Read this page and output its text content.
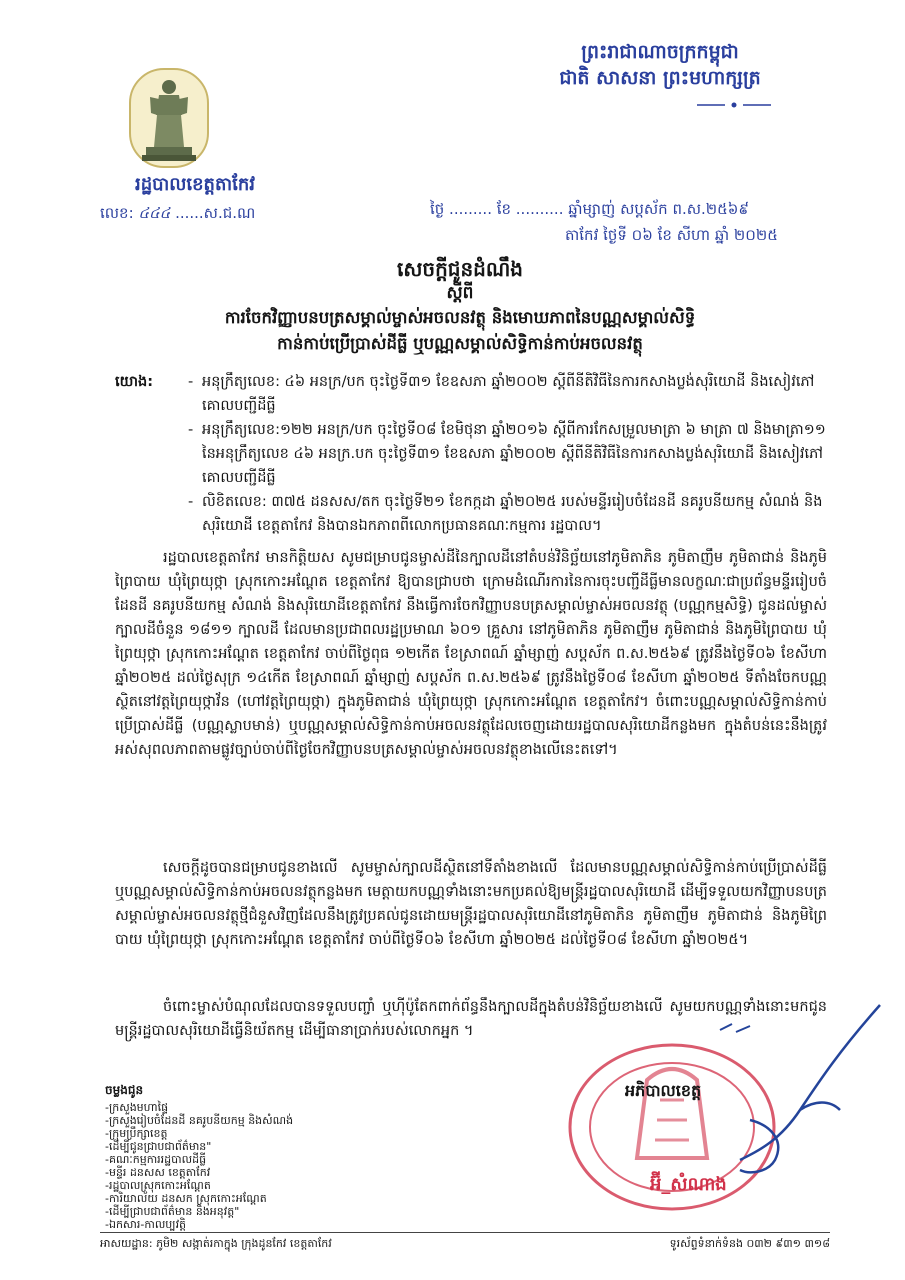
ព្រះរាជាណាចក្រកម្ពុជា
ជាតិ សាសនា ព្រះមហាក្សត្រ
រដ្ឋបាលខេត្តតាកែវ
លេខ: ៤៤៤ ......ស.ជ.ណ	ថ្ងៃ ......... ខែ .......... ឆ្នាំម្សាញ់ សប្តស័ក ព.ស.២៥៦៩
តាកែវ ថ្ងៃទី ០៦ ខែ សីហា ឆ្នាំ ២០២៥
សេចក្តីជូនដំណឹង
ស្តីពី
ការចែកវិញ្ញាបនបត្រសម្គាល់ម្ចាស់អចលនវត្ថុ និងមោឃភាពនៃបណ្ណសម្គាល់សិទ្ធិ
កាន់កាប់ប្រើប្រាស់ដីធ្លី ឬបណ្ណសម្គាល់សិទ្ធិកាន់កាប់អចលនវត្ថុ
យោង: - អនុក្រឹត្យលេខ: ៤៦ អនក្រ/បក ចុះថ្ងៃទី៣១ ខែឧសភា ឆ្នាំ២០០២ ស្តីពីនីតិវិធីនៃការកសាងប្លង់សុរិយោដី និងសៀវភៅគោលបញ្ជីដីធ្លី
- អនុក្រឹត្យលេខ:១២២ អនក្រ/បក ចុះថ្ងៃទី០៨ ខែមិថុនា ឆ្នាំ២០១៦ ស្តីពីការកែសម្រួលមាត្រា ៦ មាត្រា ៧ និងមាត្រា១១ នៃអនុក្រឹត្យលេខ ៤៦ អនក្រ.បក ចុះថ្ងៃទី៣១ ខែឧសភា ឆ្នាំ២០០២ ស្តីពីនីតិវិធីនៃការកសាងប្លង់សុរិយោដី និងសៀវភៅគោលបញ្ជីដីធ្លី
- លិខិតលេខ: ៣៧៥ ដនសស/តក ចុះថ្ងៃទី២១ ខែកក្កដា ឆ្នាំ២០២៥ របស់មន្ទីររៀបចំដែនដី នគរូបនីយកម្ម សំណង់ និងសុរិយោដី ខេត្តតាកែវ និងបានឯកភាពពីលោកប្រធានគណៈកម្មការ រដ្ឋបាល។
រដ្ឋបាលខេត្តតាកែវ មានកិត្តិយស សូមជម្រាបជូនម្ចាស់ដីនៃក្បាលដីនៅតំបន់វិនិច្ឆ័យនៅភូមិតាភិន ភូមិតាញឹម ភូមិតាជាន់ និងភូមិព្រៃបាយ ឃុំព្រៃយុថ្កា ស្រុកកោះអណ្តែត ខេត្តតាកែវ ឱ្យបានជ្រាបថា ក្រោមដំណើរការនៃការចុះបញ្ជីដីធ្លីមានលក្ខណៈជាប្រព័ន្ធមន្ទីររៀបចំដែនដី នគរូបនីយកម្ម សំណង់ និងសុរិយោដីខេត្តតាកែវ នឹងធ្វើការចែកវិញ្ញាបនបត្រសម្គាល់ម្ចាស់អចលនវត្ថុ (បណ្ណកម្មសិទ្ធិ) ជូនដល់ម្ចាស់ក្បាលដីចំនួន ១៨១១ ក្បាលដី ដែលមានប្រជាពលរដ្ឋប្រមាណ ៦០១ គ្រួសារ នៅភូមិតាភិន ភូមិតាញឹម ភូមិតាជាន់ និងភូមិព្រៃបាយ ឃុំព្រៃយុថ្កា ស្រុកកោះអណ្តែត ខេត្តតាកែវ ចាប់ពីថ្ងៃពុធ ១២កើត ខែស្រាពណ៍ ឆ្នាំម្សាញ់ សប្តស័ក ព.ស.២៥៦៩ ត្រូវនឹងថ្ងៃទី០៦ ខែសីហា ឆ្នាំ២០២៥ ដល់ថ្ងៃសុក្រ ១៤កើត ខែស្រាពណ៍ ឆ្នាំម្សាញ់ សប្តស័ក ព.ស.២៥៦៩ ត្រូវនឹងថ្ងៃទី០៨ ខែសីហា ឆ្នាំ២០២៥ ទីតាំងចែកបណ្ណស្ថិតនៅវត្តព្រៃយុថ្កាវ័ន (ហៅវត្តព្រៃយុថ្កា) ក្នុងភូមិតាជាន់ ឃុំព្រៃយុថ្កា ស្រុកកោះអណ្តែត ខេត្តតាកែវ។ ចំពោះបណ្ណសម្គាល់សិទ្ធិកាន់កាប់ប្រើប្រាស់ដីធ្លី (បណ្ណស្លាបមាន់) ឬបណ្ណសម្គាល់សិទ្ធិកាន់កាប់អចលនវត្ថុដែលចេញដោយរដ្ឋបាលសុរិយោដីកន្លងមក ក្នុងតំបន់នេះនឹងត្រូវអស់សុពលភាពតាមផ្លូវច្បាប់ចាប់ពីថ្ងៃចែកវិញ្ញាបនបត្រសម្គាល់ម្ចាស់អចលនវត្ថុខាងលើនេះតទៅ។
សេចក្តីដូចបានជម្រាបជូនខាងលើ សូមម្ចាស់ក្បាលដីស្ថិតនៅទីតាំងខាងលើ ដែលមានបណ្ណសម្គាល់សិទ្ធិកាន់កាប់ប្រើប្រាស់ដីធ្លី ឬបណ្ណសម្គាល់សិទ្ធិកាន់កាប់អចលនវត្ថុកន្លងមក មេត្តាយកបណ្ណទាំងនោះមកប្រគល់ឱ្យមន្ត្រីរដ្ឋបាលសុរិយោដី ដើម្បីទទួលយកវិញ្ញាបនបត្រសម្គាល់ម្ចាស់អចលនវត្ថុថ្មីជំនួសវិញដែលនឹងត្រូវប្រគល់ជូនដោយមន្ត្រីរដ្ឋបាលសុរិយោដីនៅភូមិតាភិន ភូមិតាញឹម ភូមិតាជាន់ និងភូមិព្រៃបាយ ឃុំព្រៃយុថ្កា ស្រុកកោះអណ្តែត ខេត្តតាកែវ ចាប់ពីថ្ងៃទី០៦ ខែសីហា ឆ្នាំ២០២៥ ដល់ថ្ងៃទី០៨ ខែសីហា ឆ្នាំ២០២៥។
ចំពោះម្ចាស់បំណុលដែលបានទទួលបញ្ចាំ ឬហ៊ីប៉ូតែកពាក់ព័ន្ធនឹងក្បាលដីក្នុងតំបន់វិនិច្ឆ័យខាងលើ សូមយកបណ្ណទាំងនោះមកជូនមន្ត្រីរដ្ឋបាលសុរិយោដីធ្វើនិយ័តកម្ម ដើម្បីធានាប្រាក់របស់លោកអ្នក ។
អភិបាលខេត្ត
អ៊ី_សំណាង
ចម្លងជូន
-ក្រសួងមហាផ្ទៃ
-ក្រសួងរៀបចំដែនដី នគរូបនីយកម្ម និងសំណង់
-ក្រុមប្រឹក្សាខេត្ត
-ដើម្បីជូនជ្រាបជាព័ត៌មាន"
-គណៈកម្មការរដ្ឋបាលដីធ្លី
-មន្ទីរ ដនសស ខេត្តតាកែវ
-រដ្ឋបាលស្រុកកោះអណ្តែត
-ការិយាល័យ ដនសក ស្រុកកោះអណ្តែត
-ដើម្បីជ្រាបជាព័ត៌មាន និងអនុវត្ត"
-ឯកសារ-កាលប្បវត្តិ
អាសយដ្ឋាន: ភូមិ២ សង្កាត់រកាក្នុង ក្រុងដូនកែវ ខេត្តតាកែវ	ទូរស័ព្ទទំនាក់ទំនង ០៣២ ៩៣១ ៣១៨
